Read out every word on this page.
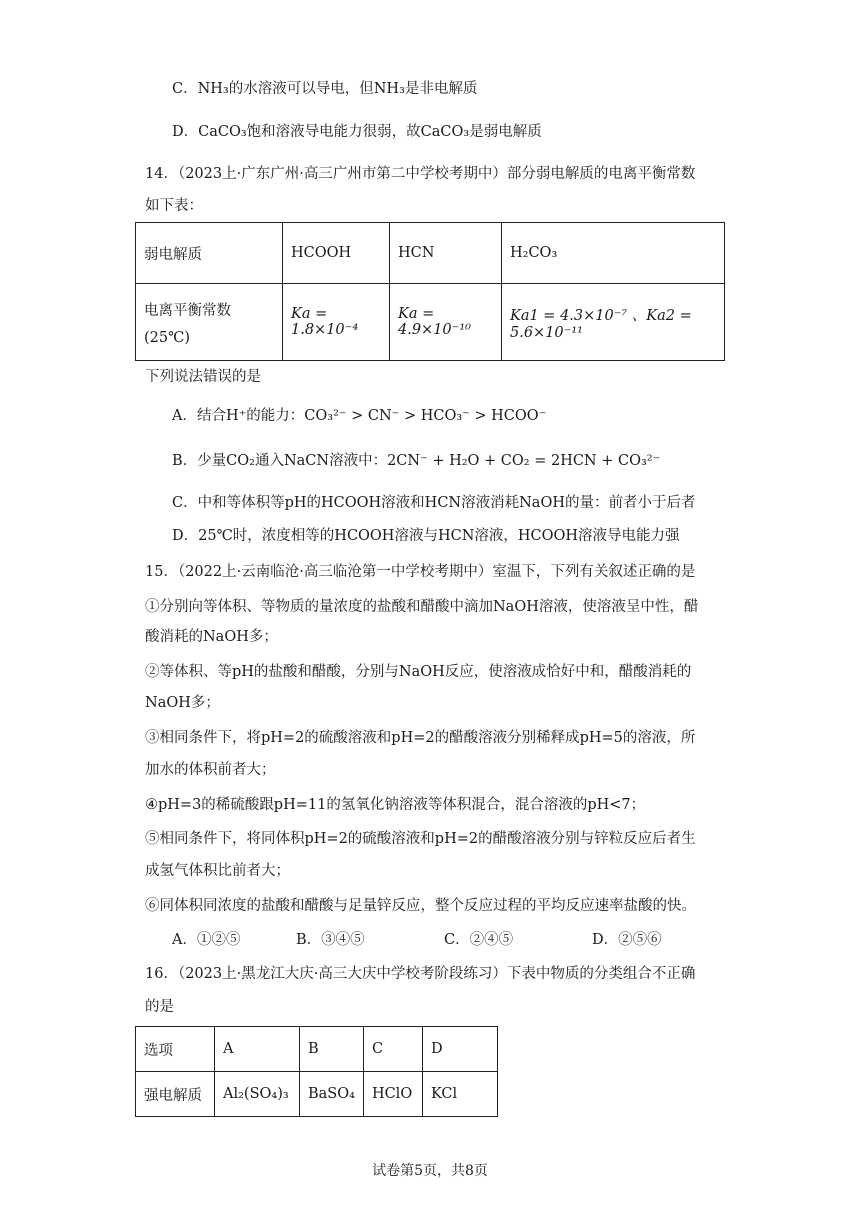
C．NH₃的水溶液可以导电，但NH₃是非电解质
D．CaCO₃饱和溶液导电能力很弱，故CaCO₃是弱电解质
14．（2023上·广东广州·高三广州市第二中学校考期中）部分弱电解质的电离平衡常数
如下表：
弱电解质	HCOOH	HCN	H₂CO₃

电离平衡常数
(25℃)	Ka = 1.8×10⁻⁴	Ka = 4.9×10⁻¹⁰	Ka1 = 4.3×10⁻⁷ 、Ka2 = 5.6×10⁻¹¹
下列说法错误的是
A．结合H⁺的能力：CO₃²⁻ > CN⁻ > HCO₃⁻ > HCOO⁻
B．少量CO₂通入NaCN溶液中：2CN⁻ + H₂O + CO₂ = 2HCN + CO₃²⁻
C．中和等体积等pH的HCOOH溶液和HCN溶液消耗NaOH的量：前者小于后者
D．25℃时，浓度相等的HCOOH溶液与HCN溶液，HCOOH溶液导电能力强
15．（2022上·云南临沧·高三临沧第一中学校考期中）室温下，下列有关叙述正确的是
①分别向等体积、等物质的量浓度的盐酸和醋酸中滴加NaOH溶液，使溶液呈中性，醋
酸消耗的NaOH多；
②等体积、等pH的盐酸和醋酸，分别与NaOH反应，使溶液成恰好中和，醋酸消耗的
NaOH多；
③相同条件下，将pH=2的硫酸溶液和pH=2的醋酸溶液分别稀释成pH=5的溶液，所
加水的体积前者大；
④pH=3的稀硫酸跟pH=11的氢氧化钠溶液等体积混合，混合溶液的pH<7；
⑤相同条件下，将同体积pH=2的硫酸溶液和pH=2的醋酸溶液分别与锌粒反应后者生
成氢气体积比前者大；
⑥同体积同浓度的盐酸和醋酸与足量锌反应，整个反应过程的平均反应速率盐酸的快。
A．①②⑤	B．③④⑤	C．②④⑤	D．②⑤⑥
16．（2023上·黑龙江大庆·高三大庆中学校考阶段练习）下表中物质的分类组合不正确
的是
选项	A	B	C	D
强电解质	Al₂(SO₄)₃	BaSO₄	HClO	KCl
试卷第5页，共8页
